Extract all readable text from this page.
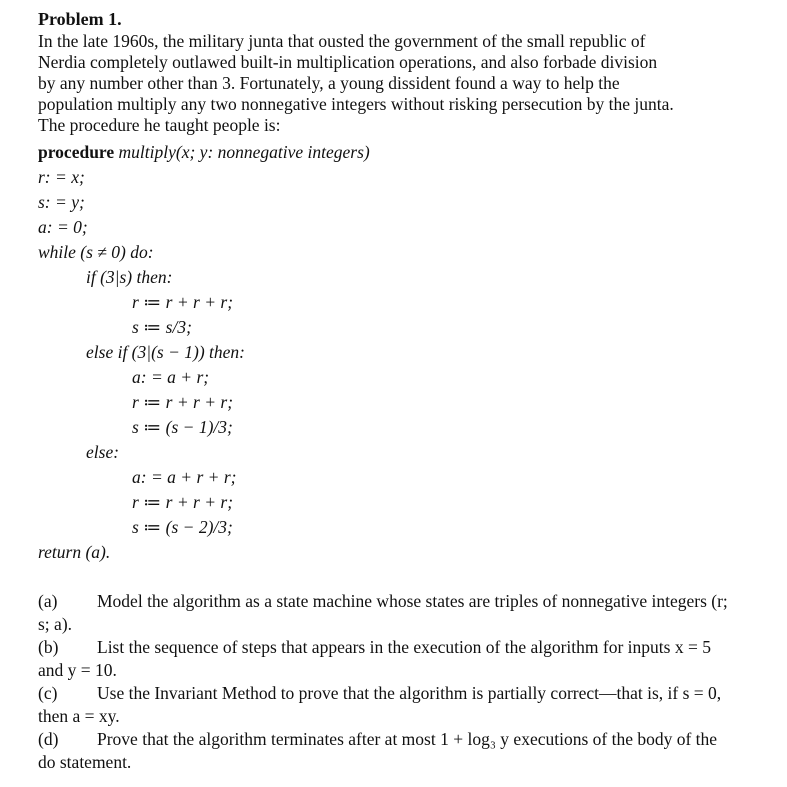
Problem 1.

In the late 1960s, the military junta that ousted the government of the small republic of Nerdia completely outlawed built-in multiplication operations, and also forbade division by any number other than 3. Fortunately, a young dissident found a way to help the population multiply any two nonnegative integers without risking persecution by the junta. The procedure he taught people is:

procedure multiply(x; y: nonnegative integers)
r: = x;
s: = y;
a: = 0;
while (s ≠ 0) do:
if (3|s) then:
r ≔ r + r + r;
s ≔ s/3;
else if (3|(s − 1)) then:
a: = a + r;
r ≔ r + r + r;
s ≔ (s − 1)/3;
else:
a: = a + r + r;
r ≔ r + r + r;
s ≔ (s − 2)/3;
return (a).

(a) Model the algorithm as a state machine whose states are triples of nonnegative integers (r; s; a).

(b) List the sequence of steps that appears in the execution of the algorithm for inputs x = 5 and y = 10.

(c) Use the Invariant Method to prove that the algorithm is partially correct—that is, if s = 0, then a = xy.

(d) Prove that the algorithm terminates after at most 1 + log₃ y executions of the body of the do statement.
